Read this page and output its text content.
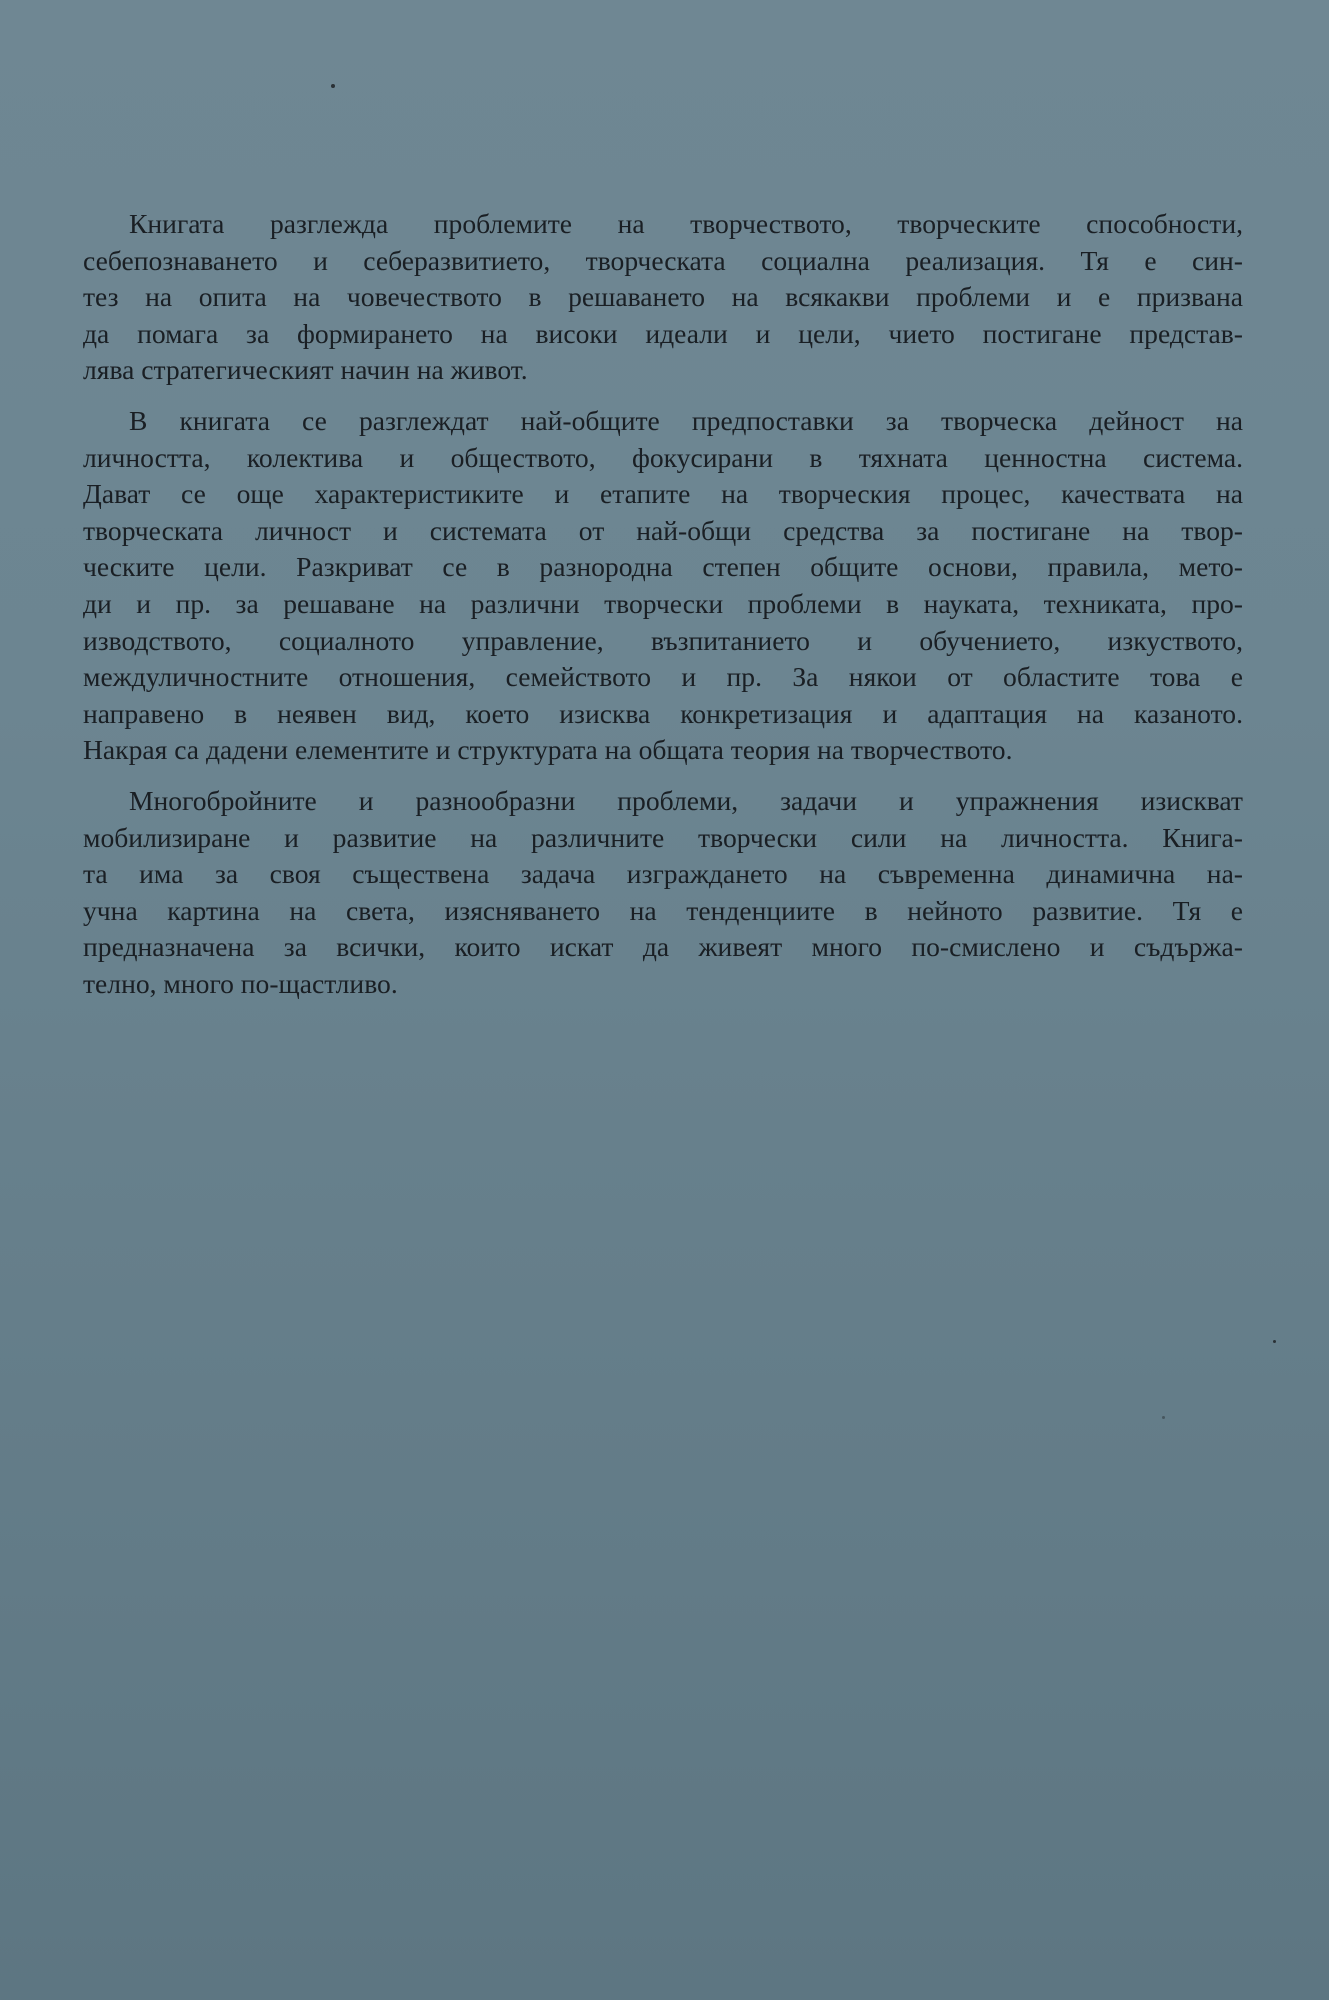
Книгата разглежда проблемите на творчеството, творческите способности,
себепознаването и себеразвитието, творческата социална реализация. Тя е син-
тез на опита на човечеството в решаването на всякакви проблеми и е призвана
да помага за формирането на високи идеали и цели, чието постигане представ-
лява стратегическият начин на живот.

В книгата се разглеждат най-общите предпоставки за творческа дейност на
личността, колектива и обществото, фокусирани в тяхната ценностна система.
Дават се още характеристиките и етапите на творческия процес, качествата на
творческата личност и системата от най-общи средства за постигане на твор-
ческите цели. Разкриват се в разнородна степен общите основи, правила, мето-
ди и пр. за решаване на различни творчески проблеми в науката, техниката, про-
изводството, социалното управление, възпитанието и обучението, изкуството,
междуличностните отношения, семейството и пр. За някои от областите това е
направено в неявен вид, което изисква конкретизация и адаптация на казаното.
Накрая са дадени елементите и структурата на общата теория на творчеството.

Многобройните и разнообразни проблеми, задачи и упражнения изискват
мобилизиране и развитие на различните творчески сили на личността. Книга-
та има за своя съществена задача изграждането на съвременна динамична на-
учна картина на света, изясняването на тенденциите в нейното развитие. Тя е
предназначена за всички, които искат да живеят много по-смислено и съдържа-
телно, много по-щастливо.
